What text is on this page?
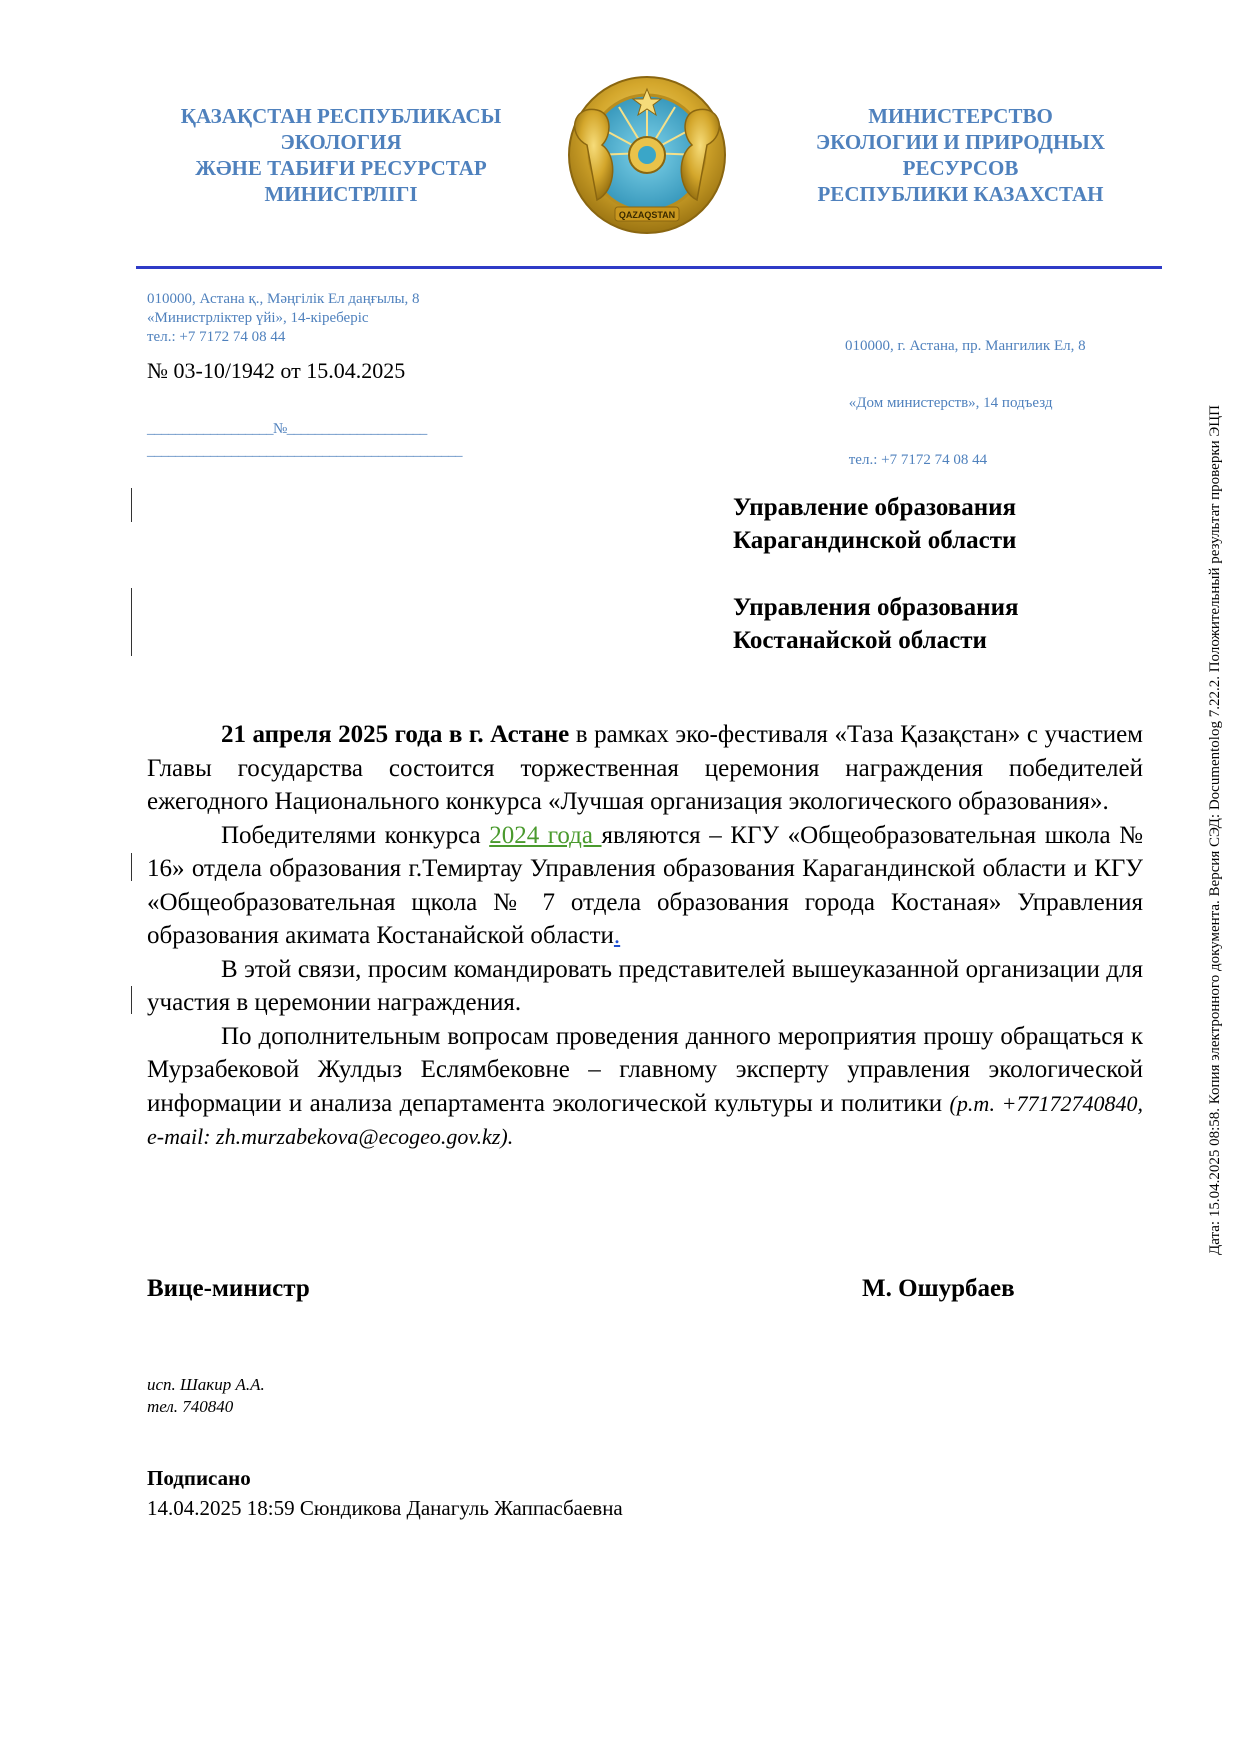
ҚАЗАҚСТАН РЕСПУБЛИКАСЫ
ЭКОЛОГИЯ
ЖӘНЕ ТАБИҒИ РЕСУРСТАР
МИНИСТРЛІГІ
QAZAQSTAN
МИНИСТЕРСТВО
ЭКОЛОГИИ И ПРИРОДНЫХ
РЕСУРСОВ
РЕСПУБЛИКИ КАЗАХСТАН
010000, Астана қ., Мәңгілік Ел даңғылы, 8
«Министрліктер үйі», 14-кіреберіс
тел.: +7 7172 74 08 44

010000, г. Астана, пр. Мангилик Ел, 8

«Дом министерств», 14 подъезд

тел.: +7 7172 74 08 44

№ 03-10/1942 от 15.04.2025
__________________№____________________
_____________________________________________
Управление образования
Карагандинской области
Управления образования
Костанайской области

21 апреля 2025 года в г. Астане в рамках эко-фестиваля «Таза Қазақстан» с участием Главы государства состоится торжественная церемония награждения победителей ежегодного Национального конкурса «Лучшая организация экологического образования».

Победителями конкурса 2024 года являются – КГУ «Общеобразовательная школа № 16» отдела образования г.Темиртау Управления образования Карагандинской области и КГУ «Общеобразовательная щкола № 7 отдела образования города Костаная» Управления образования акимата Костанайской области.

В этой связи, просим командировать представителей вышеуказанной организации для участия в церемонии награждения.

По дополнительным вопросам проведения данного мероприятия прошу обращаться к Мурзабековой Жулдыз Еслямбековне – главному эксперту управления экологической информации и анализа департамента экологической культуры и политики (р.т. +77172740840, e-mail: zh.murzabekova@ecogeo.gov.kz).

Вице-министр	М. Ошурбаев
исп. Шакир А.А.
тел. 740840
Подписано
14.04.2025 18:59 Сюндикова Данагуль Жаппасбаевна
Дата: 15.04.2025 08:58. Копия электронного документа. Версия СЭД: Documentolog 7.22.2. Положительный результат проверки ЭЦП
